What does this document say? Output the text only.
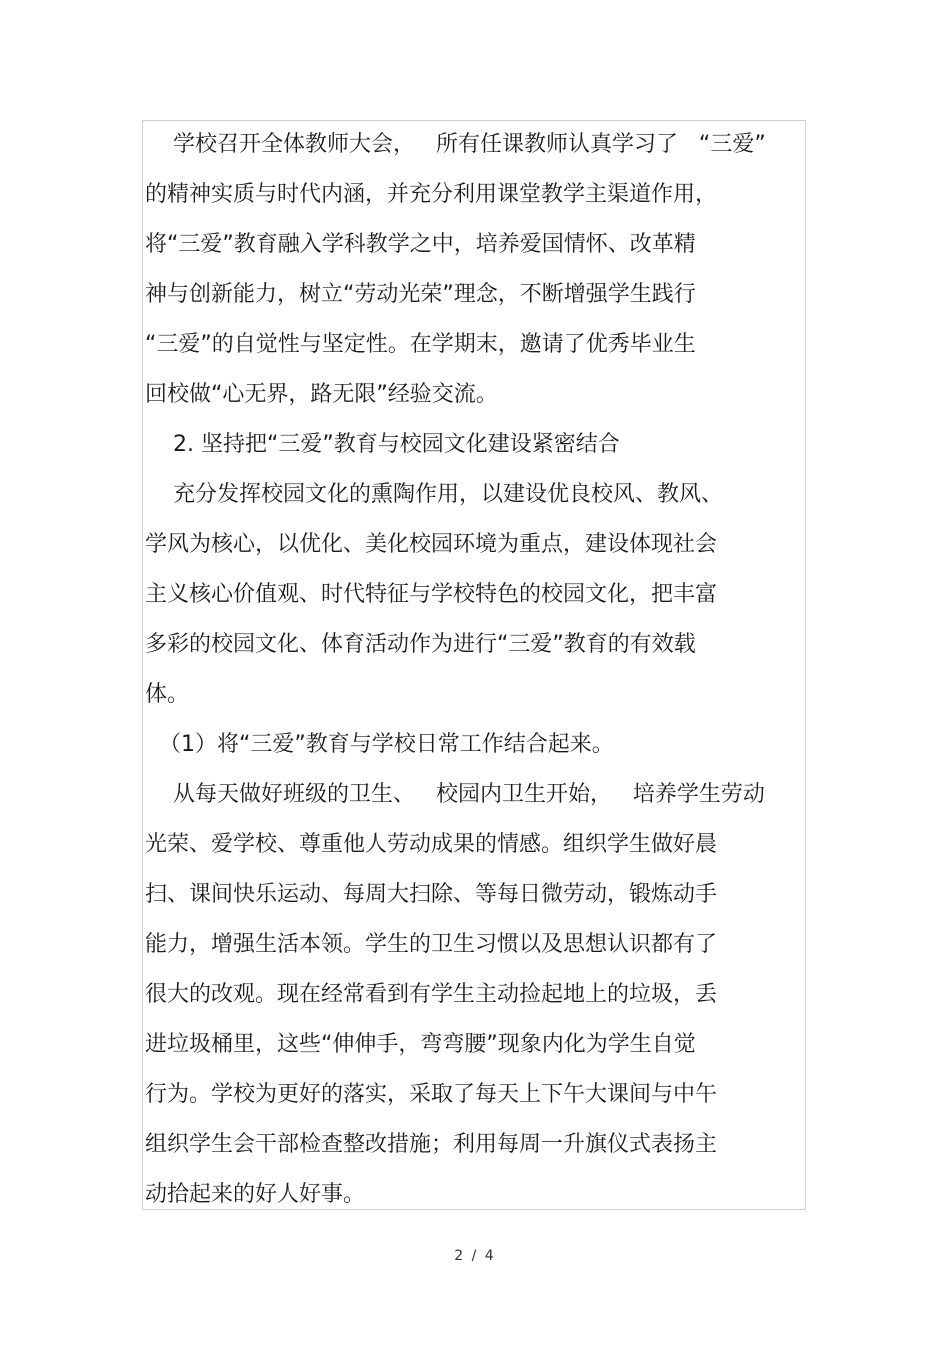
学校召开全体教师大会，   所有任课教师认真学习了   “三爱”
的精神实质与时代内涵，并充分利用课堂教学主渠道作用，
将“三爱”教育融入学科教学之中，培养爱国情怀、改革精
神与创新能力，树立“劳动光荣”理念，不断增强学生践行
“三爱”的自觉性与坚定性。在学期末，邀请了优秀毕业生
回校做“心无界，路无限”经验交流。
2. 坚持把“三爱”教育与校园文化建设紧密结合
充分发挥校园文化的熏陶作用，以建设优良校风、教风、
学风为核心，以优化、美化校园环境为重点，建设体现社会
主义核心价值观、时代特征与学校特色的校园文化，把丰富
多彩的校园文化、体育活动作为进行“三爱”教育的有效载
体。
（1）将“三爱”教育与学校日常工作结合起来。
从每天做好班级的卫生、   校园内卫生开始，   培养学生劳动
光荣、爱学校、尊重他人劳动成果的情感。组织学生做好晨
扫、课间快乐运动、每周大扫除、等每日微劳动，锻炼动手
能力，增强生活本领。学生的卫生习惯以及思想认识都有了
很大的改观。现在经常看到有学生主动捡起地上的垃圾，丢
进垃圾桶里，这些“伸伸手，弯弯腰”现象内化为学生自觉
行为。学校为更好的落实，采取了每天上下午大课间与中午
组织学生会干部检查整改措施；利用每周一升旗仪式表扬主
动拾起来的好人好事。
2 / 4
